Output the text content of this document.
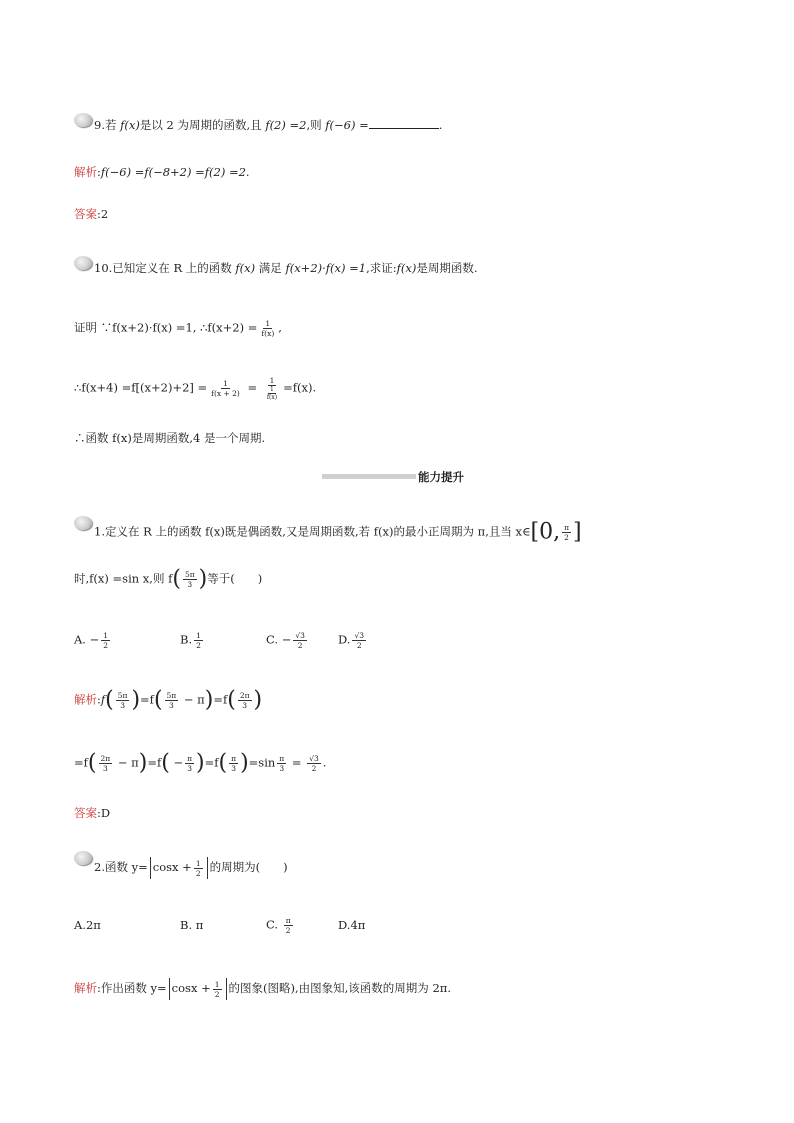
9.若 f(x)是以 2 为周期的函数,且 f(2) =2,则 f(−6) =	.
解析:f(−6) =f(−8+2) =f(2) =2.
答案:2
10.已知定义在 R 上的函数 f(x) 满足 f(x+2)·f(x) =1,求证:f(x)是周期函数.
证明 ∵f(x+2)·f(x) =1, ∴f(x+2) = $\frac{1}{f(x)}$ ,
∴f(x+4) $=f[(x+2)+2] = \frac{1}{f(x + 2)} = \frac{1}{\frac{1}{f(x)}} =f(x)$.
∴函数 f(x)是周期函数,4 是一个周期.
能力提升
1.定义在 R 上的函数 f(x)既是偶函数,又是周期函数,若 f(x)的最小正周期为 π,且当 x∈[0, $\frac{\pi}{2}$ ]
时,f(x) =sin x,则 $f( \frac{5\pi}{3}$ )等于(　　)
A. − $\frac{1}{2}$	B. $\frac{1}{2}$	C. − $\frac{√3}{2}$	D. $\frac{√3}{2}$
解析:f( $\frac{5\pi}{3} )=f( \frac{5\pi}{3} - \pi)=f( \frac{2\pi}{3}$ )
$=f( \frac{2\pi}{3} - \pi)=f( - \frac{\pi}{3} )=f( \frac{\pi}{3} )=\sin \frac{\pi}{3} = \frac{√3}{2}$ .
答案:D
2.函数 $y= \cos x + \frac{1}{2}$ 的周期为(　　)
A.2π	B. π	C. $\frac{\pi}{2}$	D.4π
解析:作出函数 $y= \cos x + \frac{1}{2}$ 的图象(图略),由图象知,该函数的周期为 2π.
